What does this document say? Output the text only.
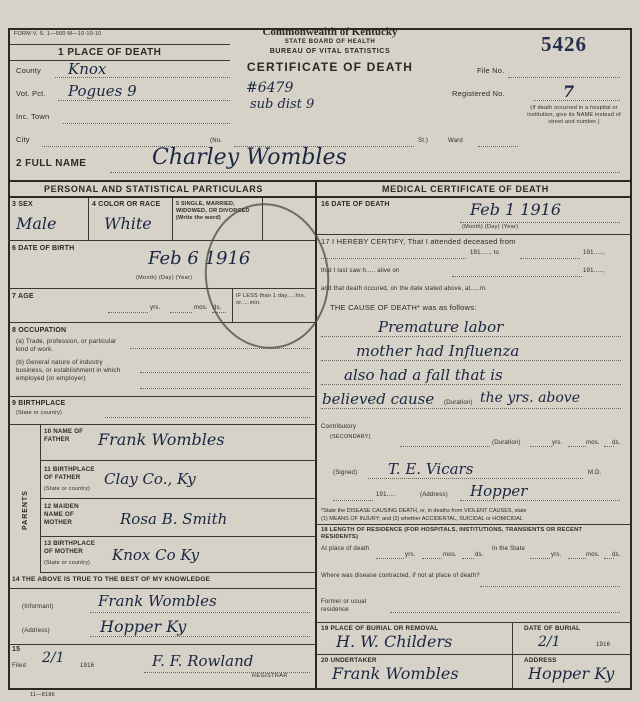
FORM V. S. 1—500 M—10-10-10	Commonwealth of Kentucky
STATE BOARD OF HEALTH
BUREAU OF VITAL STATISTICS
CERTIFICATE OF DEATH
5426
1 PLACE OF DEATH
County Knox
Vot. Pct. Pogues 9	#6479
sub dist 9
Inc. Town
City	(No.	St.)	Ward
File No.
Registered No.	7
(If death occurred in a hospital or institution, give its NAME instead of street and number.)
2 FULL NAME	Charley Wombles
PERSONAL AND STATISTICAL PARTICULARS	MEDICAL CERTIFICATE OF DEATH
3 SEX
Male
4 COLOR OR RACE
White
5 SINGLE, MARRIED, WIDOWED, OR DIVORCED (Write the word)
6 DATE OF BIRTH	Feb 6 1916
(Month) (Day) (Year)
7 AGE
yrs.	mos. ds.
IF LESS than 1 day.....hrs. or.....min.
8 OCCUPATION
(a) Trade, profession, or particular kind of work.
(b) General nature of industry business, or establishment in which employed (or employer)
9 BIRTHPLACE
(State or country)
PARENTS
10 NAME OF FATHER	Frank Wombles
11 BIRTHPLACE OF FATHER
(State or country)
Clay Co., Ky
12 MAIDEN NAME OF MOTHER	Rosa B. Smith
13 BIRTHPLACE OF MOTHER
(State or country) Knox Co Ky
14 THE ABOVE IS TRUE TO THE BEST OF MY KNOWLEDGE
(Informant)	Frank Wombles
(Address)	Hopper Ky
15
Filed 2/1	1916	F. F. Rowland
REGISTRAR
11—8186
16 DATE OF DEATH	Feb 1 1916
(Month) (Day) (Year)
17 I HEREBY CERTIFY, That I attended deceased from
191....., to	191.....,
that I last saw h..... alive on	191.....,
and that death occured, on the date stated above, at.....m.
THE CAUSE OF DEATH* was as follows:
Premature labor
mother had Influenza
also had a fall that is
believed cause (Duration) the yrs. above
Contributory
(SECONDARY)
(Duration)	yrs.	mos. ds.
(Signed) T. E. Vicars	M.D.
191.....	(Address) Hopper
*State the DISEASE CAUSING DEATH, or, in deaths from VIOLENT CAUSES, state
(1) MEANS OF INJURY; and (2) whether ACCIDENTAL, SUICIDAL or HOMICIDAL
18 LENGTH OF RESIDENCE (FOR HOSPITALS, INSTITUTIONS, TRANSIENTS OR RECENT RESIDENTS)
At place of death
yrs.	mos.	ds.
In the State
yrs.	mos. ds.
Where was disease contracted, if not at place of death?
Former or usual residence
19 PLACE OF BURIAL OR REMOVAL
H. W. Childers
DATE OF BURIAL
2/1	1916
20 UNDERTAKER
Frank Wombles
ADDRESS
Hopper Ky
